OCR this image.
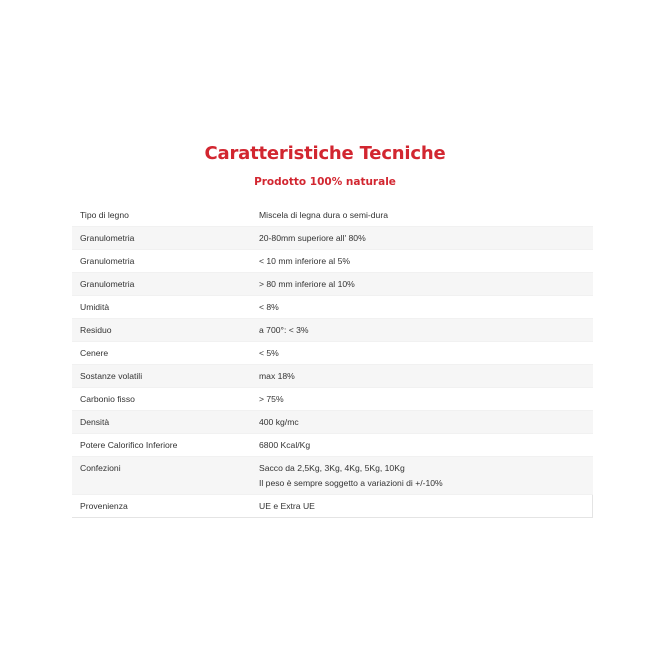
Caratteristiche Tecniche
Prodotto 100% naturale
Tipo di legno	Miscela di legna dura o semi-dura

Granulometria	20-80mm superiore all' 80%

Granulometria	< 10 mm inferiore al 5%

Granulometria	> 80 mm inferiore al 10%

Umidità	< 8%

Residuo	a 700°: < 3%

Cenere	< 5%

Sostanze volatili	max 18%

Carbonio fisso	> 75%

Densità	400 kg/mc

Potere Calorifico Inferiore	6800 Kcal/Kg

Confezioni	Sacco da 2,5Kg, 3Kg, 4Kg, 5Kg, 10Kg
Il peso è sempre soggetto a variazioni di +/-10%

Provenienza	UE e Extra UE
